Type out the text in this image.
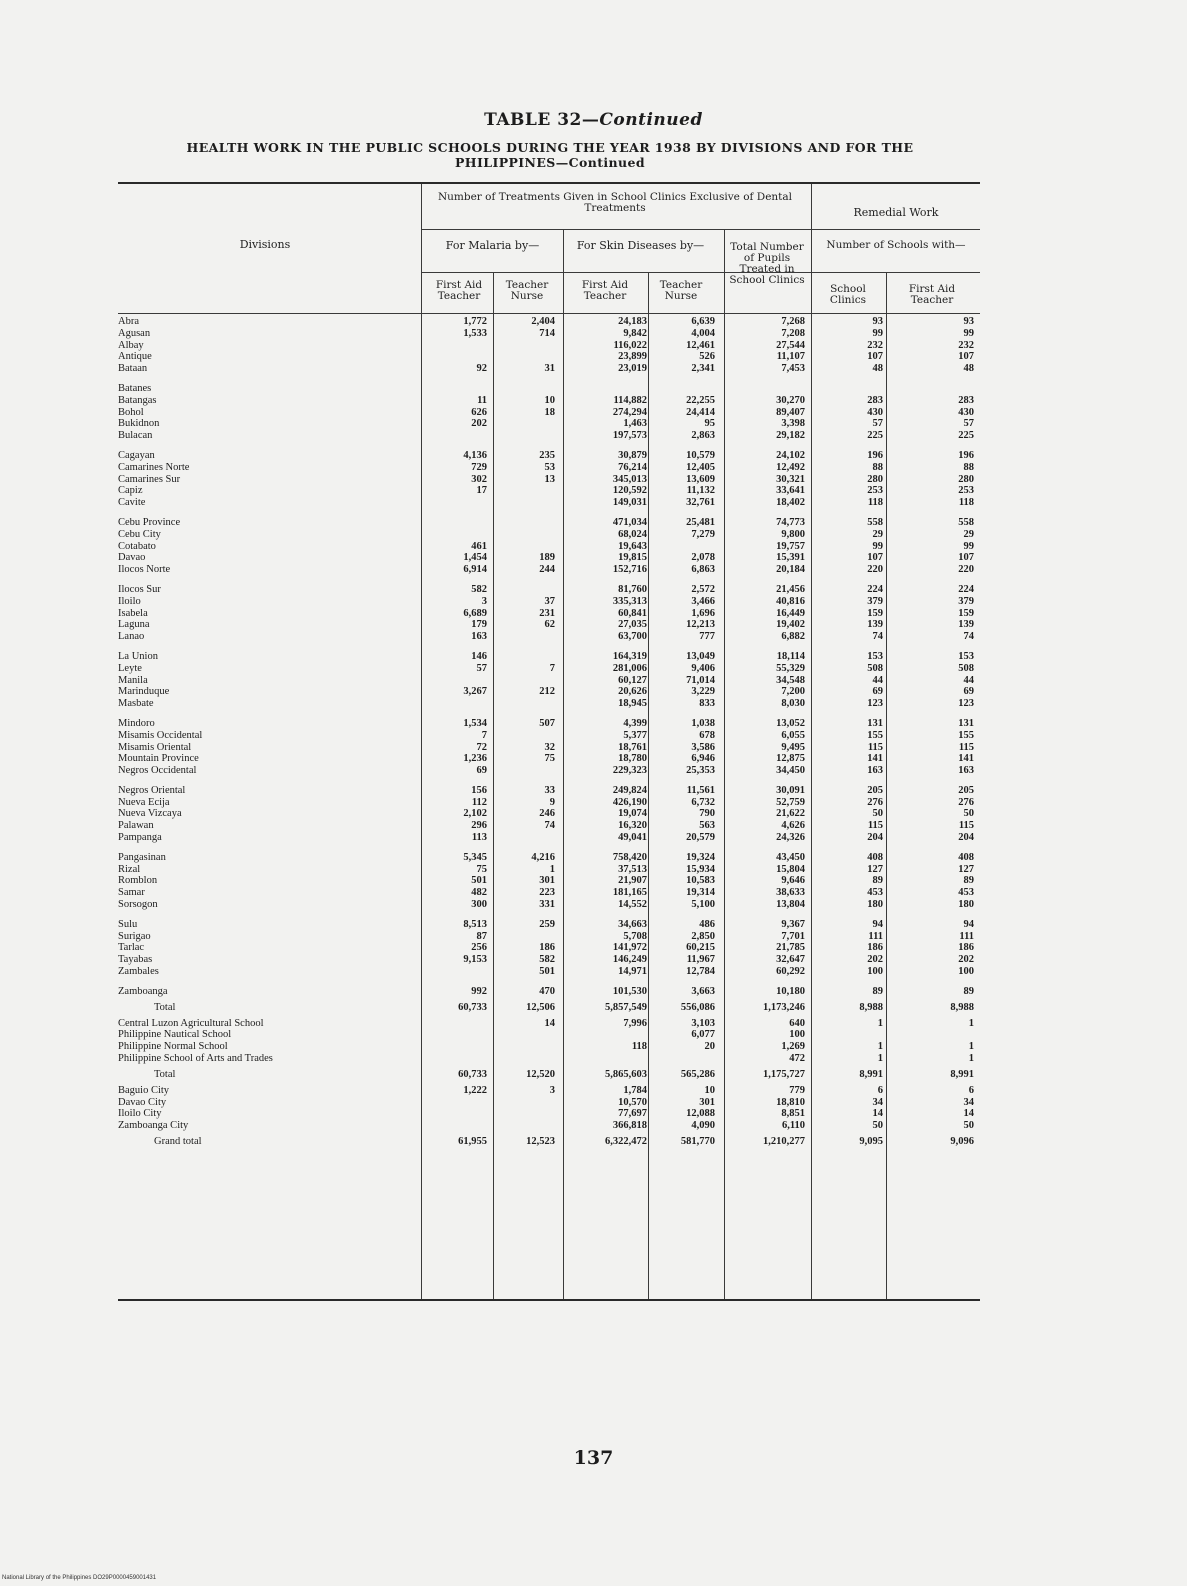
TABLE 32—Continued
HEALTH WORK IN THE PUBLIC SCHOOLS DURING THE YEAR 1938 BY DIVISIONS AND FOR THE
PHILIPPINES—Continued
Divisions
Number of Treatments Given in School Clinics Exclusive of Dental Treatments	Remedial Work
For Malaria by—	For Skin Diseases by—	Total Number of Pupils Treated in School Clinics
Number of Schools with—
First Aid Teacher
Teacher Nurse
First Aid Teacher
Teacher Nurse
School Clinics
First Aid Teacher
Abra	1,772	2,404	24,183	6,639	7,268	93	93
Agusan	1,533	714	9,842	4,004	7,208	99	99
Albay			116,022	12,461	27,544	232	232
Antique			23,899	526	11,107	107	107
Bataan	92	31	23,019	2,341	7,453	48	48

Batanes							
Batangas	11	10	114,882	22,255	30,270	283	283
Bohol	626	18	274,294	24,414	89,407	430	430
Bukidnon	202		1,463	95	3,398	57	57
Bulacan			197,573	2,863	29,182	225	225

Cagayan	4,136	235	30,879	10,579	24,102	196	196
Camarines Norte	729	53	76,214	12,405	12,492	88	88
Camarines Sur	302	13	345,013	13,609	30,321	280	280
Capiz	17		120,592	11,132	33,641	253	253
Cavite			149,031	32,761	18,402	118	118

Cebu Province			471,034	25,481	74,773	558	558
Cebu City			68,024	7,279	9,800	29	29
Cotabato	461		19,643		19,757	99	99
Davao	1,454	189	19,815	2,078	15,391	107	107
Ilocos Norte	6,914	244	152,716	6,863	20,184	220	220

Ilocos Sur	582		81,760	2,572	21,456	224	224
Iloilo	3	37	335,313	3,466	40,816	379	379
Isabela	6,689	231	60,841	1,696	16,449	159	159
Laguna	179	62	27,035	12,213	19,402	139	139
Lanao	163		63,700	777	6,882	74	74

La Union	146		164,319	13,049	18,114	153	153
Leyte	57	7	281,006	9,406	55,329	508	508
Manila			60,127	71,014	34,548	44	44
Marinduque	3,267	212	20,626	3,229	7,200	69	69
Masbate			18,945	833	8,030	123	123

Mindoro	1,534	507	4,399	1,038	13,052	131	131
Misamis Occidental	7		5,377	678	6,055	155	155
Misamis Oriental	72	32	18,761	3,586	9,495	115	115
Mountain Province	1,236	75	18,780	6,946	12,875	141	141
Negros Occidental	69		229,323	25,353	34,450	163	163

Negros Oriental	156	33	249,824	11,561	30,091	205	205
Nueva Ecija	112	9	426,190	6,732	52,759	276	276
Nueva Vizcaya	2,102	246	19,074	790	21,622	50	50
Palawan	296	74	16,320	563	4,626	115	115
Pampanga	113		49,041	20,579	24,326	204	204

Pangasinan	5,345	4,216	758,420	19,324	43,450	408	408
Rizal	75	1	37,513	15,934	15,804	127	127
Romblon	501	301	21,907	10,583	9,646	89	89
Samar	482	223	181,165	19,314	38,633	453	453
Sorsogon	300	331	14,552	5,100	13,804	180	180

Sulu	8,513	259	34,663	486	9,367	94	94
Surigao	87		5,708	2,850	7,701	111	111
Tarlac	256	186	141,972	60,215	21,785	186	186
Tayabas	9,153	582	146,249	11,967	32,647	202	202
Zambales		501	14,971	12,784	60,292	100	100

Zamboanga	992	470	101,530	3,663	10,180	89	89
Total	60,733	12,506	5,857,549	556,086	1,173,246	8,988	8,988
Central Luzon Agricultural School		14	7,996	3,103	640	1	1
Philippine Nautical School				6,077	100		
Philippine Normal School			118	20	1,269	1	1
Philippine School of Arts and Trades					472	1	1
Total	60,733	12,520	5,865,603	565,286	1,175,727	8,991	8,991
Baguio City	1,222	3	1,784	10	779	6	6
Davao City			10,570	301	18,810	34	34
Iloilo City			77,697	12,088	8,851	14	14
Zamboanga City			366,818	4,090	6,110	50	50
Grand total	61,955	12,523	6,322,472	581,770	1,210,277	9,095	9,096
137
National Library of the Philippines DO29P0000459001431
